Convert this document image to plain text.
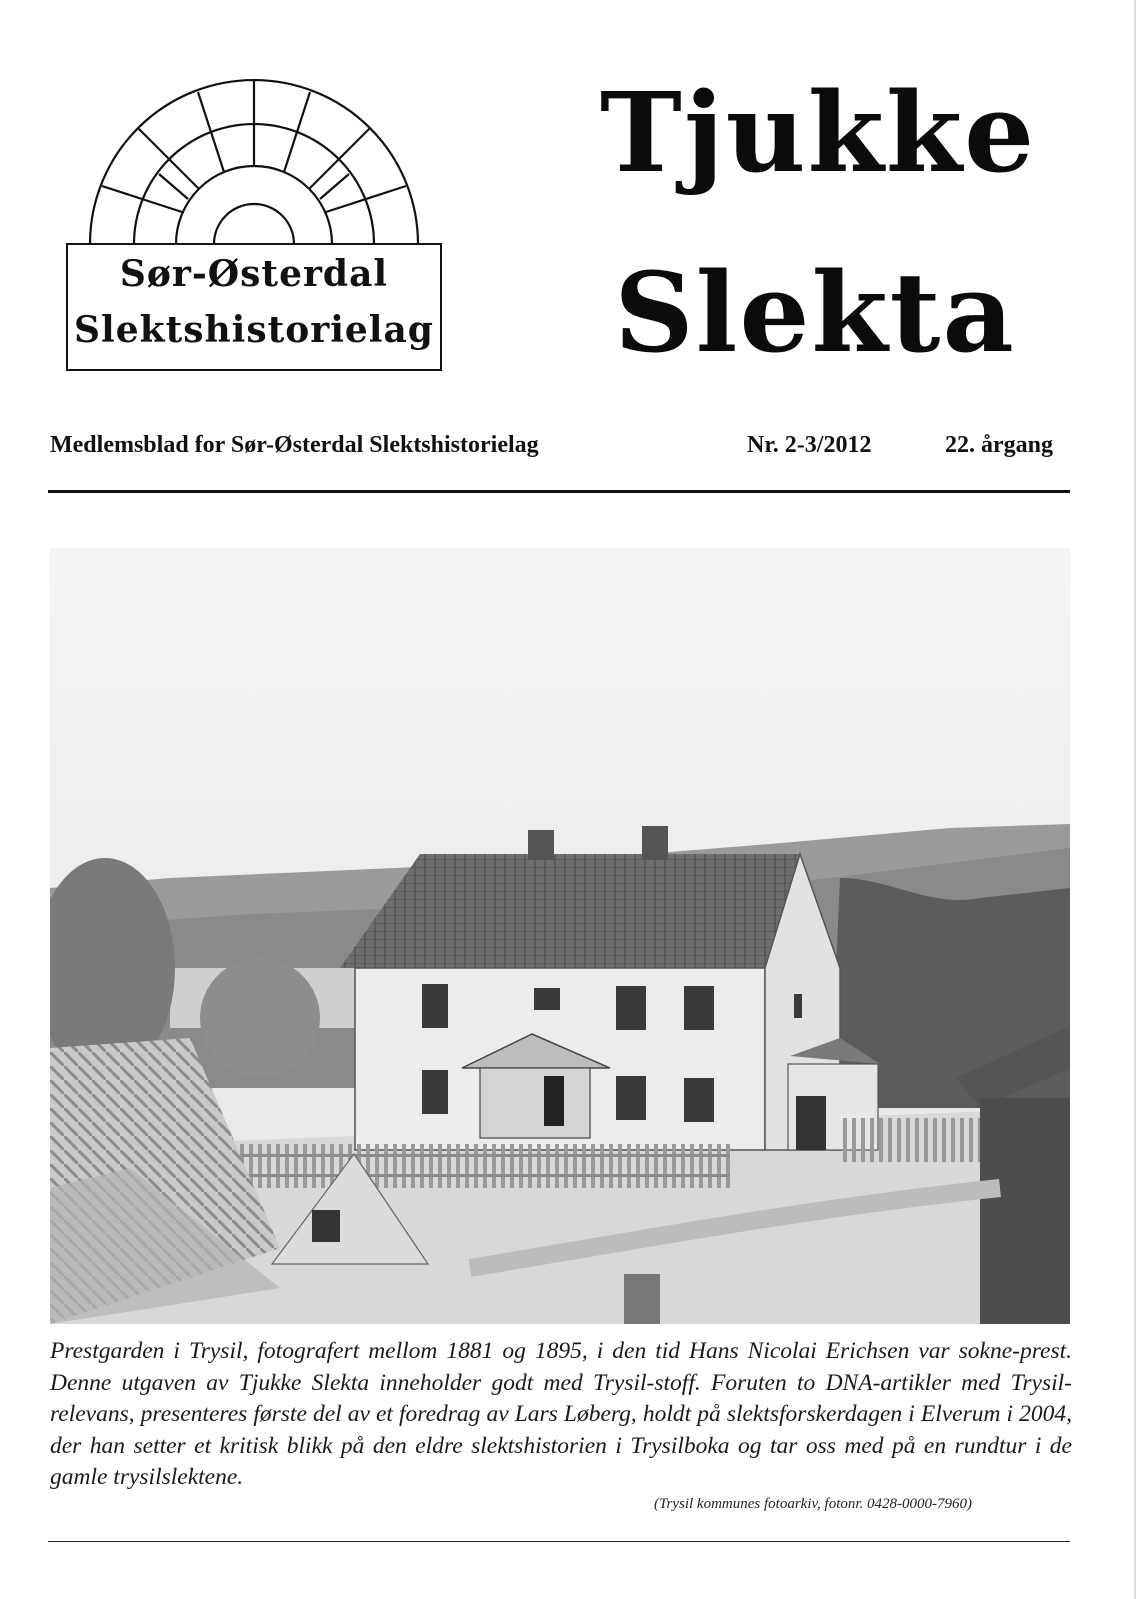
Sør-Østerdal
Slektshistorielag
Tjukke
Slekta
Medlemsblad for Sør-Østerdal Slektshistorielag	Nr. 2-3/2012	22. årgang
Prestgarden i Trysil, fotografert mellom 1881 og 1895, i den tid Hans Nicolai Erichsen var sokne-prest. Denne utgaven av Tjukke Slekta inneholder godt med Trysil-stoff. Foruten to DNA-artikler med Trysil-relevans, presenteres første del av et foredrag av Lars Løberg, holdt på slektsforskerdagen i Elverum i 2004, der han setter et kritisk blikk på den eldre slektshistorien i Trysilboka og tar oss med på en rundtur i de gamle trysilslektene.
(Trysil kommunes fotoarkiv, fotonr. 0428-0000-7960)
